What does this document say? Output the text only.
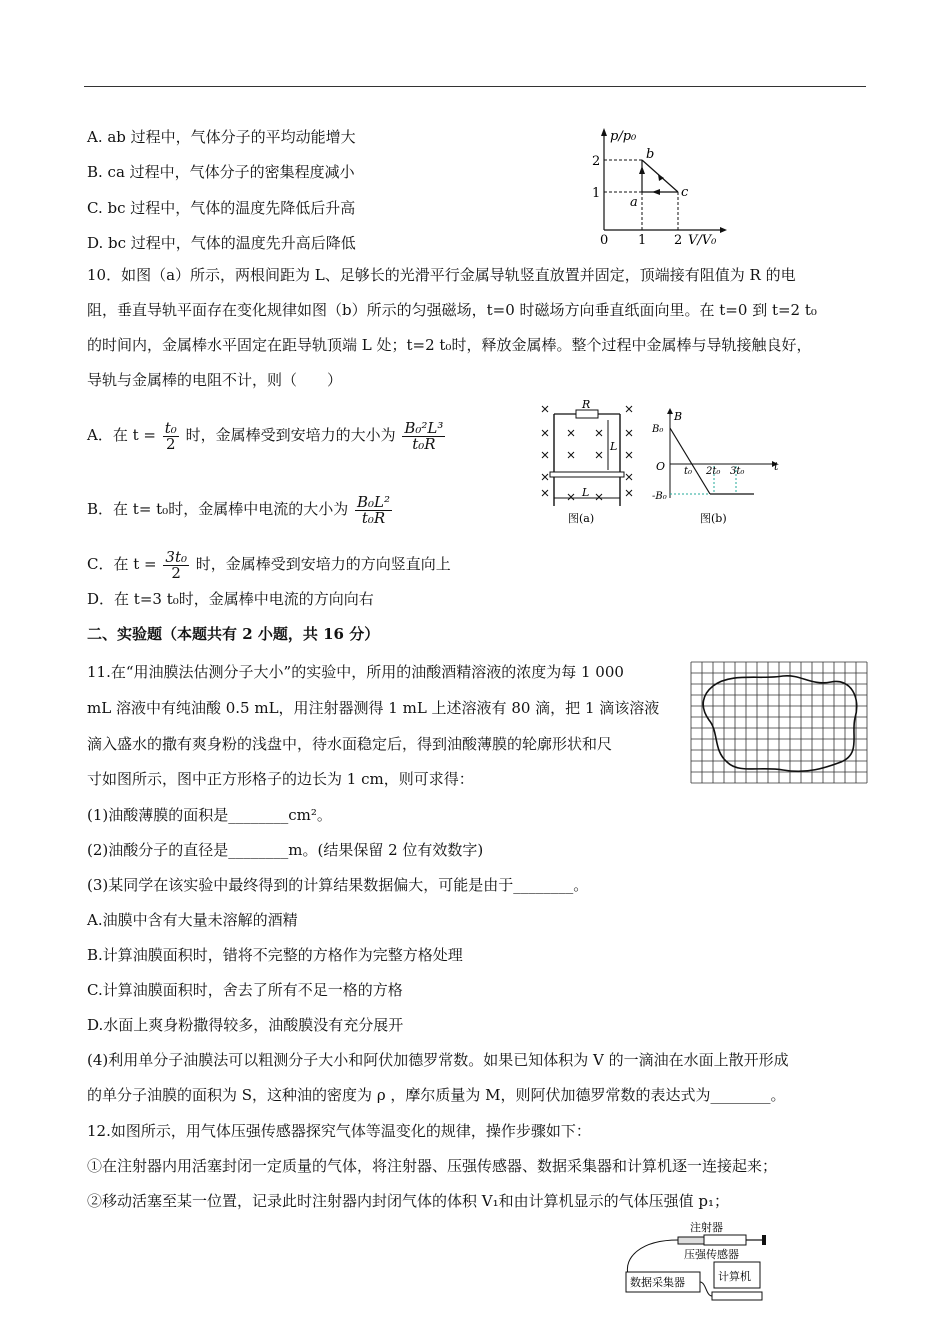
A. ab 过程中，气体分子的平均动能增大
B. ca 过程中，气体分子的密集程度减小
C. bc 过程中，气体的温度先降低后升高
D. bc 过程中，气体的温度先升高后降低
p/p₀
V/V₀
2
1
0 1 2
b
c
a
10．如图（a）所示，两根间距为 L、足够长的光滑平行金属导轨竖直放置并固定，顶端接有阻值为 R 的电
阻，垂直导轨平面存在变化规律如图（b）所示的匀强磁场，t=0 时磁场方向垂直纸面向里。在 t=0 到 t=2 t₀
的时间内，金属棒水平固定在距导轨顶端 L 处；t=2 t₀时，释放金属棒。整个过程中金属棒与导轨接触良好，
导轨与金属棒的电阻不计，则（　　）
A．在 $t = \frac{\text{t₀}}{2}$ 时，金属棒受到安培力的大小为 $\frac{\text{B₀²L³}}{\text{t₀R}}$
B．在 t= t₀时，金属棒中电流的大小为 $\frac{\text{B₀L²}}{\text{t₀R}}$
C．在 $t = \frac{\text{3t₀}}{2}$ 时，金属棒受到安培力的方向竖直向上
D．在 t=3 t₀时，金属棒中电流的方向向右
R
L
L
图(a)
B
B₀
-B₀
O	t
t₀ 2t₀ 3t₀
图(b)
二、实验题（本题共有 2 小题，共 16 分）
11.在“用油膜法估测分子大小”的实验中，所用的油酸酒精溶液的浓度为每 1 000
mL 溶液中有纯油酸 0.5 mL，用注射器测得 1 mL 上述溶液有 80 滴，把 1 滴该溶液
滴入盛水的撒有爽身粉的浅盘中，待水面稳定后，得到油酸薄膜的轮廓形状和尺
寸如图所示，图中正方形格子的边长为 1 cm，则可求得：
(1)油酸薄膜的面积是________cm²。
(2)油酸分子的直径是________m。(结果保留 2 位有效数字)
(3)某同学在该实验中最终得到的计算结果数据偏大，可能是由于________。
A.油膜中含有大量未溶解的酒精
B.计算油膜面积时，错将不完整的方格作为完整方格处理
C.计算油膜面积时，舍去了所有不足一格的方格
D.水面上爽身粉撒得较多，油酸膜没有充分展开
(4)利用单分子油膜法可以粗测分子大小和阿伏加德罗常数。如果已知体积为 V 的一滴油在水面上散开形成
的单分子油膜的面积为 S，这种油的密度为 ρ ，摩尔质量为 M，则阿伏加德罗常数的表达式为________。
12.如图所示，用气体压强传感器探究气体等温变化的规律，操作步骤如下：
①在注射器内用活塞封闭一定质量的气体，将注射器、压强传感器、数据采集器和计算机逐一连接起来；
②移动活塞至某一位置，记录此时注射器内封闭气体的体积 V₁和由计算机显示的气体压强值 p₁；
注射器
压强传感器
数据采集器	计算机
